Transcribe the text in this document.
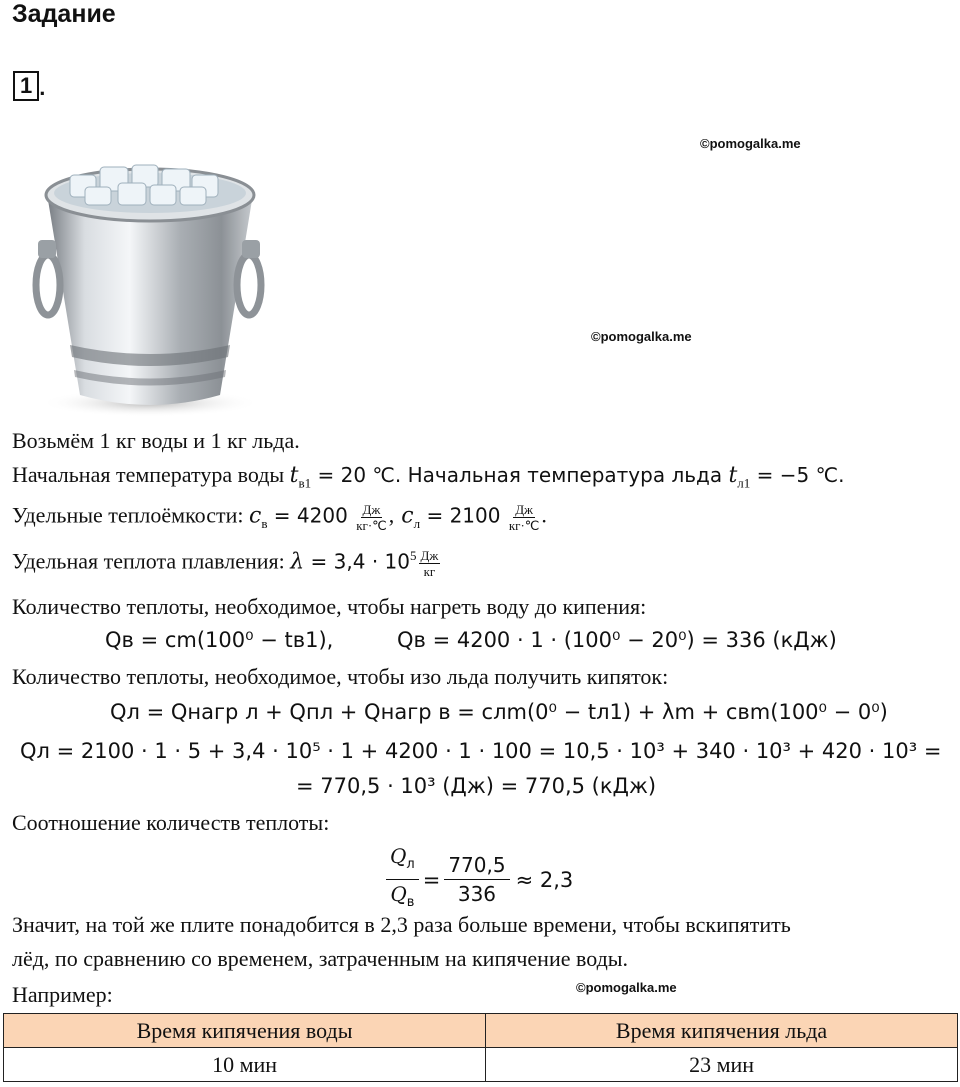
Задание
1 .
©pomogalka.me
©pomogalka.me
©pomogalka.me
Возьмём 1 кг воды и 1 кг льда.
Начальная температура воды $t_{в1} = 20$ ℃. Начальная температура льда $t_{л1} = -5$ ℃.
Удельные теплоёмкости: $c_в = 4200 \frac{Дж}{кг\cdot℃}$ , $c_л = 2100 \frac{Дж}{кг\cdot℃}$ .
Удельная теплота плавления: $\lambda = 3,4 \cdot 10^5 \frac{Дж}{кг}$
Количество теплоты, необходимое, чтобы нагреть воду до кипения:
Qв = cm(100⁰ − tв1),	Qв = 4200 · 1 · (100⁰ − 20⁰) = 336 (кДж)
Количество теплоты, необходимое, чтобы изо льда получить кипяток:
Qл = Qнагр л + Qпл + Qнагр в = cлm(0⁰ − tл1) + λm + cвm(100⁰ − 0⁰)
Qл = 2100 · 1 · 5 + 3,4 · 10⁵ · 1 + 4200 · 1 · 100 = 10,5 · 10³ + 340 · 10³ + 420 · 10³ =
= 770,5 · 10³ (Дж) = 770,5 (кДж)
Соотношение количеств теплоты:
$Q_л$
$Q_в$
= $\frac{770,5}{336} \approx 2,3$
Значит, на той же плите понадобится в 2,3 раза больше времени, чтобы вскипятить
лёд, по сравнению со временем, затраченным на кипячение воды.
Например:
Время кипячения воды	Время кипячения льда
10 мин	23 мин
